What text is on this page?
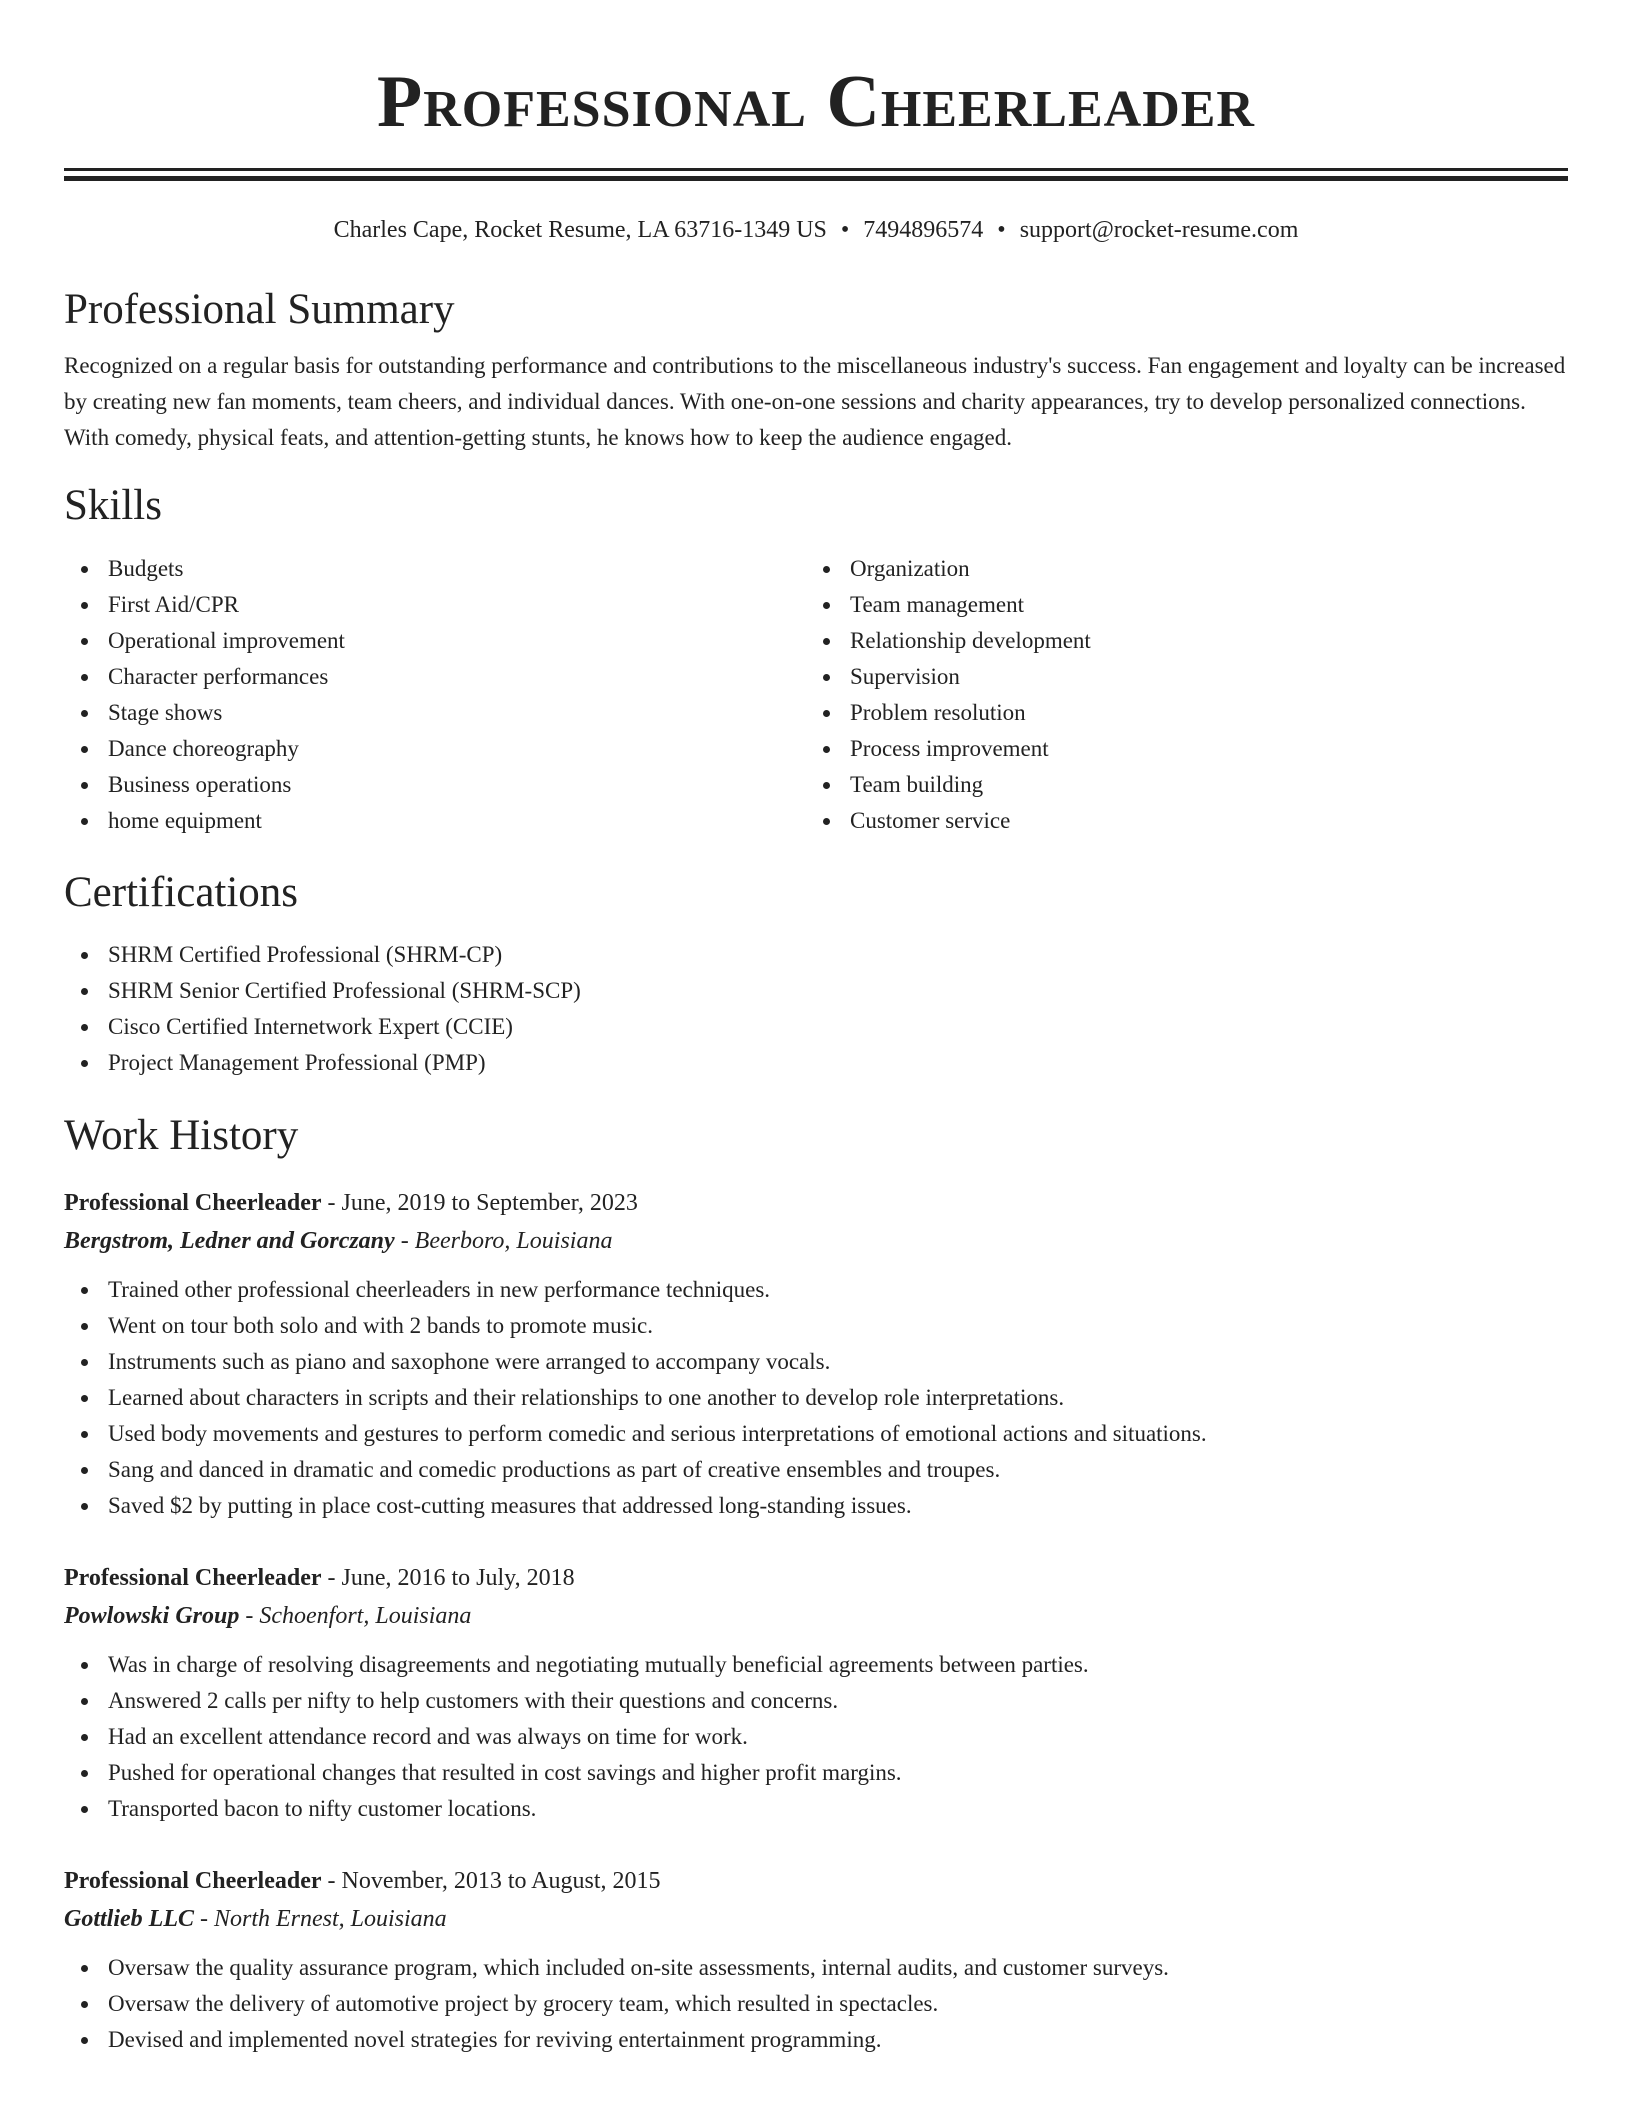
Professional Cheerleader
Charles Cape, Rocket Resume, LA 63716-1349 US • 7494896574 • support@rocket-resume.com
Professional Summary

Recognized on a regular basis for outstanding performance and contributions to the miscellaneous industry's success. Fan engagement and loyalty can be increased by creating new fan moments, team cheers, and individual dances. With one-on-one sessions and charity appearances, try to develop personalized connections. With comedy, physical feats, and attention-getting stunts, he knows how to keep the audience engaged.

Skills
Budgets
First Aid/CPR
Operational improvement
Character performances
Stage shows
Dance choreography
Business operations
home equipment
Organization
Team management
Relationship development
Supervision
Problem resolution
Process improvement
Team building
Customer service
Certifications
SHRM Certified Professional (SHRM-CP)
SHRM Senior Certified Professional (SHRM-SCP)
Cisco Certified Internetwork Expert (CCIE)
Project Management Professional (PMP)
Work History
Professional Cheerleader - June, 2019 to September, 2023
Bergstrom, Ledner and Gorczany - Beerboro, Louisiana
Trained other professional cheerleaders in new performance techniques.
Went on tour both solo and with 2 bands to promote music.
Instruments such as piano and saxophone were arranged to accompany vocals.
Learned about characters in scripts and their relationships to one another to develop role interpretations.
Used body movements and gestures to perform comedic and serious interpretations of emotional actions and situations.
Sang and danced in dramatic and comedic productions as part of creative ensembles and troupes.
Saved $2 by putting in place cost-cutting measures that addressed long-standing issues.
Professional Cheerleader - June, 2016 to July, 2018
Powlowski Group - Schoenfort, Louisiana
Was in charge of resolving disagreements and negotiating mutually beneficial agreements between parties.
Answered 2 calls per nifty to help customers with their questions and concerns.
Had an excellent attendance record and was always on time for work.
Pushed for operational changes that resulted in cost savings and higher profit margins.
Transported bacon to nifty customer locations.
Professional Cheerleader - November, 2013 to August, 2015
Gottlieb LLC - North Ernest, Louisiana
Oversaw the quality assurance program, which included on-site assessments, internal audits, and customer surveys.
Oversaw the delivery of automotive project by grocery team, which resulted in spectacles.
Devised and implemented novel strategies for reviving entertainment programming.
